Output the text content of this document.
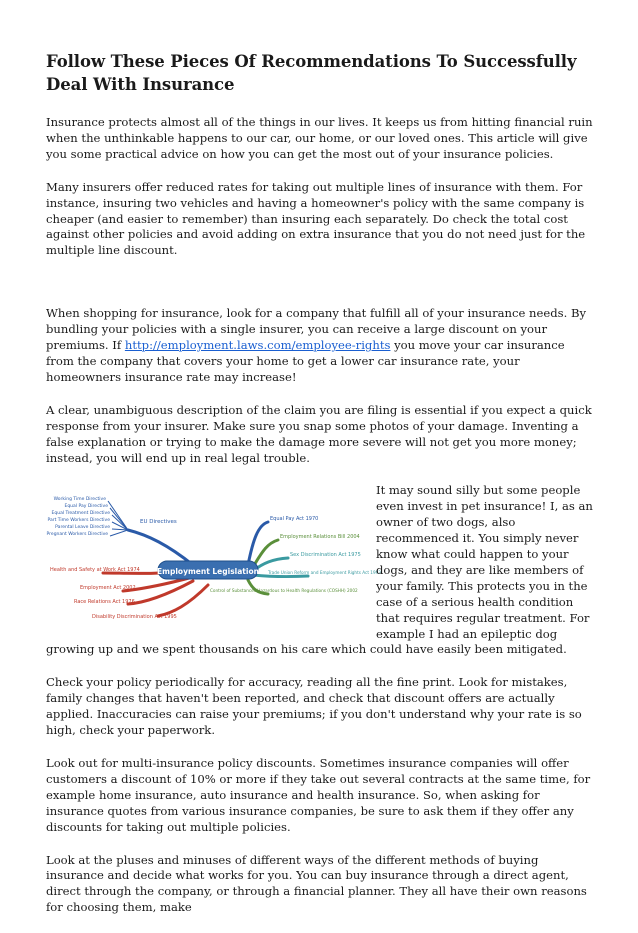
Follow These Pieces Of Recommendations To Successfully Deal With Insurance

Insurance protects almost all of the things in our lives. It keeps us from hitting financial ruin when the unthinkable happens to our car, our home, or our loved ones. This article will give you some practical advice on how you can get the most out of your insurance policies.

Many insurers offer reduced rates for taking out multiple lines of insurance with them. For instance, insuring two vehicles and having a homeowner's policy with the same company is cheaper (and easier to remember) than insuring each separately. Do check the total cost against other policies and avoid adding on extra insurance that you do not need just for the multiple line discount.

When shopping for insurance, look for a company that fulfill all of your insurance needs. By bundling your policies with a single insurer, you can receive a large discount on your premiums. If http://employment.laws.com/employee-rights you move your car insurance from the company that covers your home to get a lower car insurance rate, your homeowners insurance rate may increase!

A clear, unambiguous description of the claim you are filing is essential if you expect a quick response from your insurer. Make sure you snap some photos of your damage. Inventing a false explanation or trying to make the damage more severe will not get you more money; instead, you will end up in real legal trouble.

Employment Legislation
EU Directives
Working Time Directive
Equal Pay Directive
Equal Treatment Directive
Part Time Workers Directive
Parental Leave Directive
Pregnant Workers Directive
Health and Safety at Work Act 1974
Employment Act 2002
Race Relations Act 1976
Disability Discrimination Act 1995
Equal Pay Act 1970
Employment Relations Bill 2004
Sex Discrimination Act 1975
Trade Union Reform and Employment Rights Act 1993
Control of Substances Hazardous to Health Regulations (COSHH) 2002

It may sound silly but some people even invest in pet insurance! I, as an owner of two dogs, also recommenced it. You simply never know what could happen to your dogs, and they are like members of your family. This protects you in the case of a serious health condition that requires regular treatment. For example I had an epileptic dog growing up and we spent thousands on his care which could have easily been mitigated.

Check your policy periodically for accuracy, reading all the fine print. Look for mistakes, family changes that haven't been reported, and check that discount offers are actually applied. Inaccuracies can raise your premiums; if you don't understand why your rate is so high, check your paperwork.

Look out for multi-insurance policy discounts. Sometimes insurance companies will offer customers a discount of 10% or more if they take out several contracts at the same time, for example home insurance, auto insurance and health insurance. So, when asking for insurance quotes from various insurance companies, be sure to ask them if they offer any discounts for taking out multiple policies.

Look at the pluses and minuses of different ways of the different methods of buying insurance and decide what works for you. You can buy insurance through a direct agent, direct through the company, or through a financial planner. They all have their own reasons for choosing them, make
